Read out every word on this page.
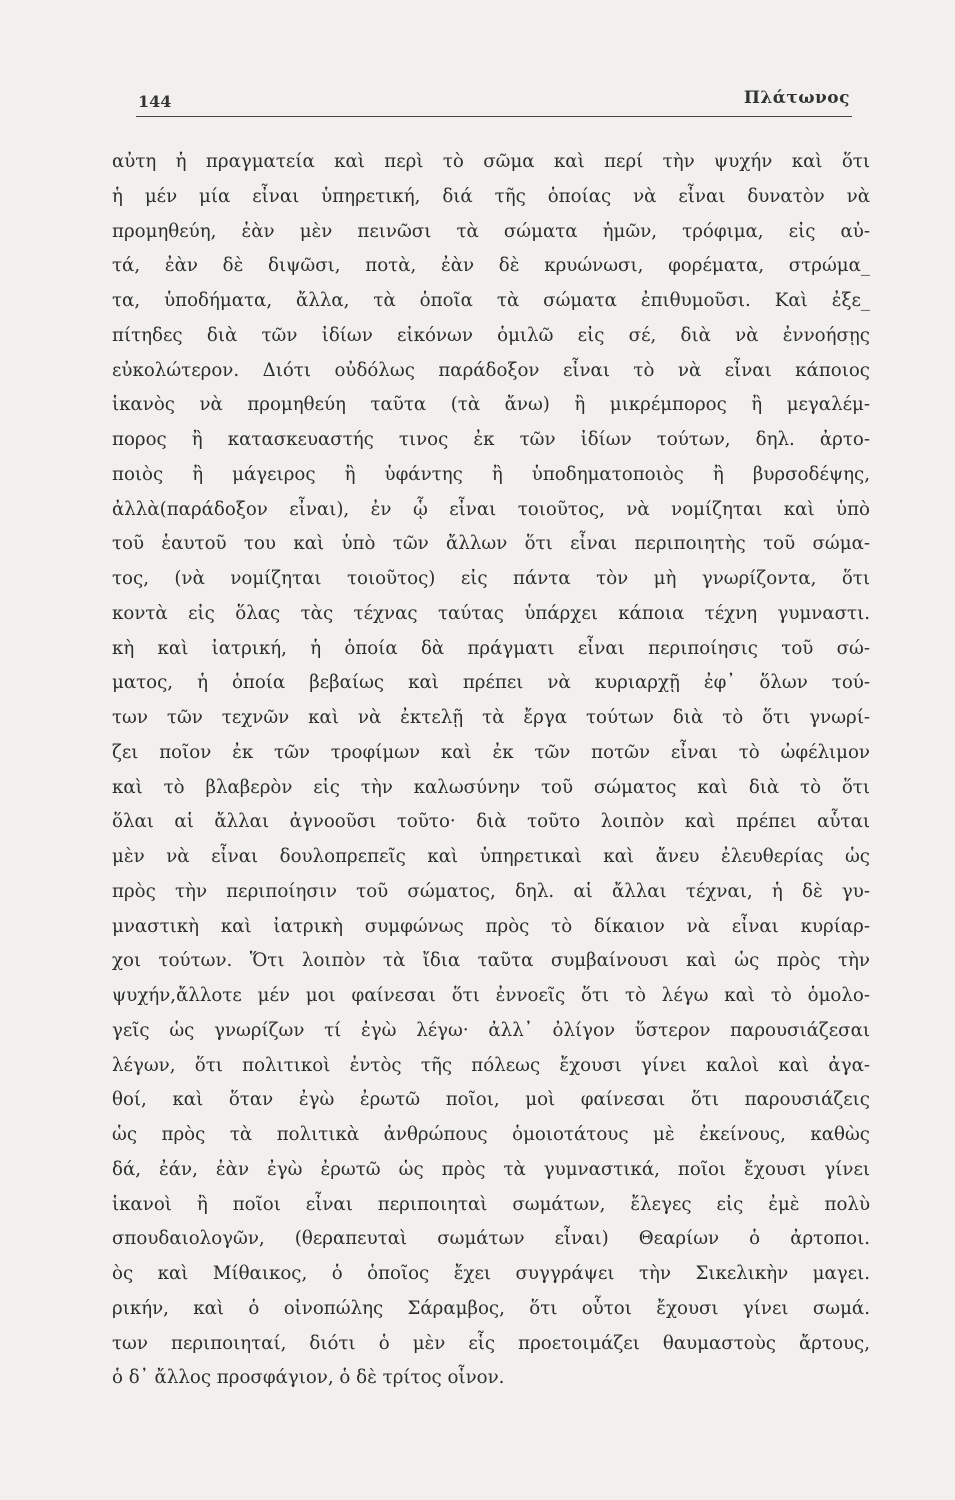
144	Πλάτωνος
αὐτη ἡ πραγματεία καὶ περὶ τὸ σῶμα καὶ περί τὴν ψυχήν καὶ ὅτι
ἡ μέν μία εἶναι ὑπηρετική, διά τῆς ὁποίας νὰ εἶναι δυνατὸν νὰ
προμηθεύη, ἐὰν μὲν πεινῶσι τὰ σώματα ἡμῶν, τρόφιμα, εἰς αὐ-
τά, ἐὰν δὲ διψῶσι, ποτὰ, ἐὰν δὲ κρυώνωσι, φορέματα, στρώμα_
τα, ὑποδήματα, ἄλλα, τὰ ὁποῖα τὰ σώματα ἐπιθυμοῦσι. Καὶ ἐξε_
πίτηδες διὰ τῶν ἰδίων εἰκόνων ὁμιλῶ εἰς σέ, διὰ νὰ ἐννοήσῃς
εὐκολώτερον. Διότι οὐδόλως παράδοξον εἶναι τὸ νὰ εἶναι κάποιος
ἱκανὸς νὰ προμηθεύη ταῦτα (τὰ ἄνω) ἢ μικρέμπορος ἢ μεγαλέμ-
πορος ἢ κατασκευαστής τινος ἐκ τῶν ἰδίων τούτων, δηλ. ἀρτο-
ποιὸς ἢ μάγειρος ἢ ὑφάντης ἢ ὑποδηματοποιὸς ἢ βυρσοδέψης,
ἀλλὰ(παράδοξον εἶναι), ἐν ᾧ εἶναι τοιοῦτος, νὰ νομίζηται καὶ ὑπὸ
τοῦ ἑαυτοῦ του καὶ ὑπὸ τῶν ἄλλων ὅτι εἶναι περιποιητὴς τοῦ σώμα-
τος, (νὰ νομίζηται τοιοῦτος) εἰς πάντα τὸν μὴ γνωρίζοντα, ὅτι
κοντὰ εἰς ὅλας τὰς τέχνας ταύτας ὑπάρχει κάποια τέχνη γυμναστι.
κὴ καὶ ἰατρική, ἡ ὁποία δὰ πράγματι εἶναι περιποίησις τοῦ σώ-
ματος, ἡ ὁποία βεβαίως καὶ πρέπει νὰ κυριαρχῇ ἐφ᾽ ὅλων τού-
των τῶν τεχνῶν καὶ νὰ ἐκτελῇ τὰ ἔργα τούτων διὰ τὸ ὅτι γνωρί-
ζει ποῖον ἐκ τῶν τροφίμων καὶ ἐκ τῶν ποτῶν εἶναι τὸ ὠφέλιμον
καὶ τὸ βλαβερὸν εἰς τὴν καλωσύνην τοῦ σώματος καὶ διὰ τὸ ὅτι
ὅλαι αἱ ἄλλαι ἀγνοοῦσι τοῦτο· διὰ τοῦτο λοιπὸν καὶ πρέπει αὗται
μὲν νὰ εἶναι δουλοπρεπεῖς καὶ ὑπηρετικαὶ καὶ ἄνευ ἐλευθερίας ὡς
πρὸς τὴν περιποίησιν τοῦ σώματος, δηλ. αἱ ἄλλαι τέχναι, ἡ δὲ γυ-
μναστικὴ καὶ ἰατρικὴ συμφώνως πρὸς τὸ δίκαιον νὰ εἶναι κυρίαρ-
χοι τούτων. Ὅτι λοιπὸν τὰ ἴδια ταῦτα συμβαίνουσι καὶ ὡς πρὸς τὴν
ψυχήν,ἄλλοτε μέν μοι φαίνεσαι ὅτι ἐννοεῖς ὅτι τὸ λέγω καὶ τὸ ὁμολο-
γεῖς ὡς γνωρίζων τί ἐγὼ λέγω· ἀλλ᾽ ὀλίγον ὕστερον παρουσιάζεσαι
λέγων, ὅτι πολιτικοὶ ἐντὸς τῆς πόλεως ἔχουσι γίνει καλοὶ καὶ ἀγα-
θοί, καὶ ὅταν ἐγὼ ἐρωτῶ ποῖοι, μοὶ φαίνεσαι ὅτι παρουσιάζεις
ὡς πρὸς τὰ πολιτικὰ ἀνθρώπους ὁμοιοτάτους μὲ ἐκείνους, καθὼς
δά, ἐάν, ἐὰν ἐγὼ ἐρωτῶ ὡς πρὸς τὰ γυμναστικά, ποῖοι ἔχουσι γίνει
ἱκανοὶ ἢ ποῖοι εἶναι περιποιηταὶ σωμάτων, ἔλεγες εἰς ἐμὲ πολὺ
σπουδαιολογῶν, (θεραπευταὶ σωμάτων εἶναι) Θεαρίων ὁ ἀρτοποι.
ὸς καὶ Μίθαικος, ὁ ὁποῖος ἔχει συγγράψει τὴν Σικελικὴν μαγει.
ρικήν, καὶ ὁ οἰνοπώλης Σάραμβος, ὅτι οὗτοι ἔχουσι γίνει σωμά.
των περιποιηταί, διότι ὁ μὲν εἷς προετοιμάζει θαυμαστοὺς ἄρτους,
ὁ δ᾽ ἄλλος προσφάγιον, ὁ δὲ τρίτος οἶνον.
